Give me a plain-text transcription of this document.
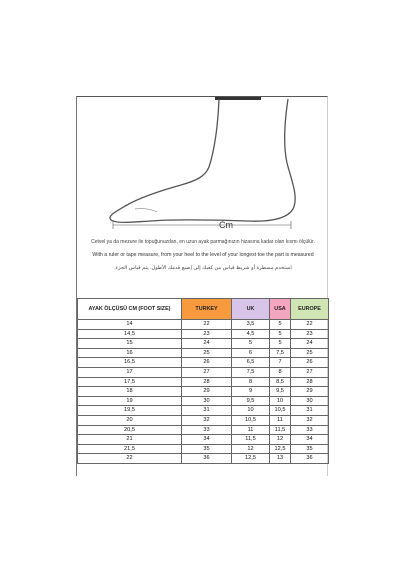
Cm
Cetvel ya da mezure ile topuğunuzdan, en uzun ayak parmağınızın hizasına kadar olan kısmı ölçülür.
With a ruler or tape measure, from your heel to the level of your longest toe the part is measured
استخدم مسطرة أو شريط قياس من كعبك إلى إصبع قدمك الأطول. يتم قياس الجزء.
AYAK ÖLÇÜSÜ CM (FOOT SIZE)	TURKEY	UK	USA	EUROPE
14	22	3,5	5	22
14,5	23	4,5	5	23
15	24	5	5	24
16	25	6	7,5	25
16,5	26	6,5	7	26
17	27	7,5	8	27
17,5	28	8	8,5	28
18	29	9	9,5	29
19	30	9,5	10	30
19,5	31	10	10,5	31
20	32	10,5	11	32
20,5	33	11	11,5	33
21	34	11,5	12	34
21,5	35	12	12,5	35
22	36	12,5	13	36
